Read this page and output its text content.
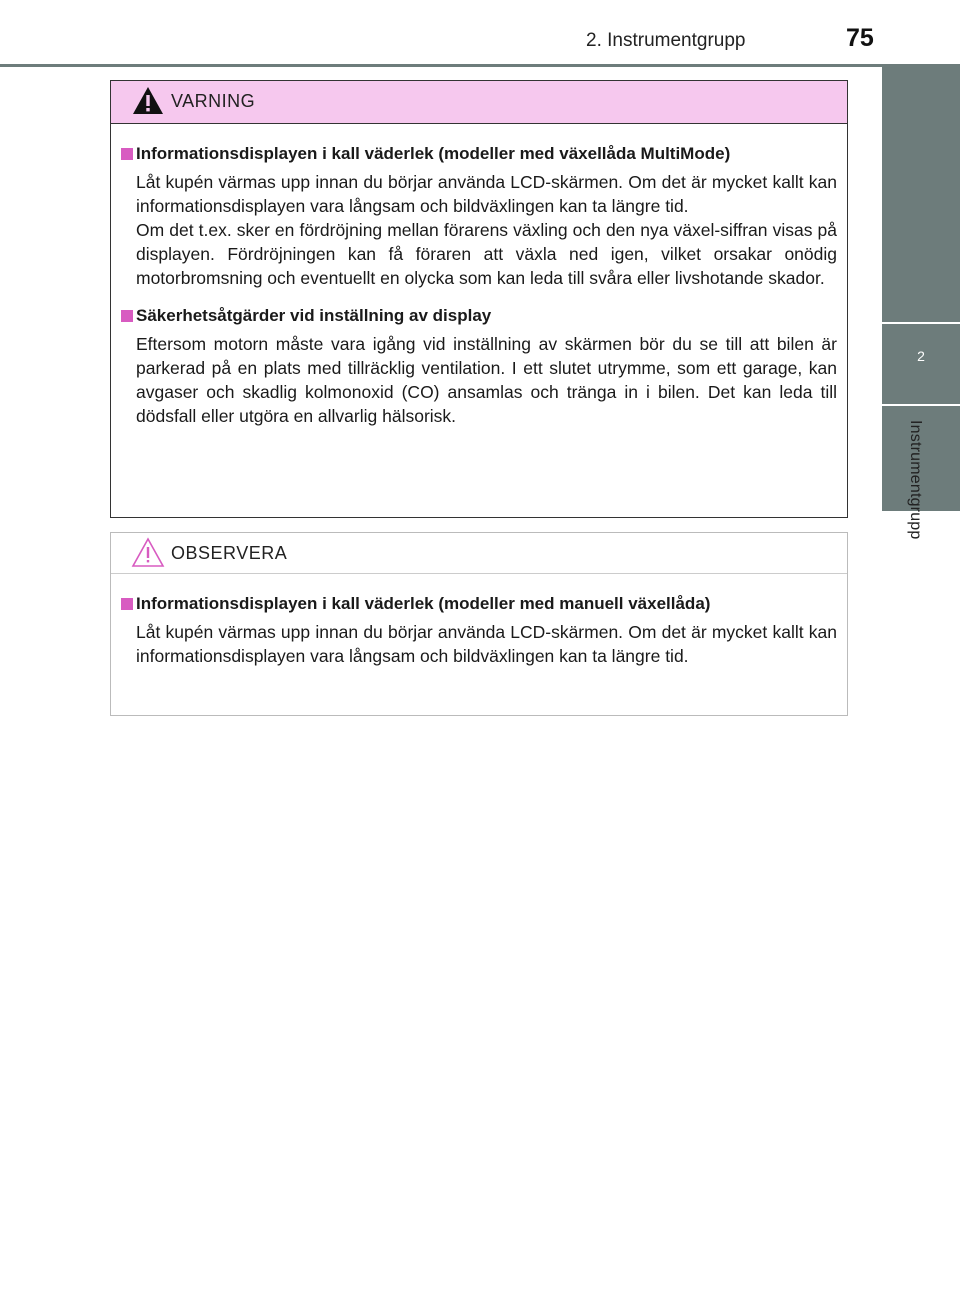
2. Instrumentgrupp	75
2
Instrumentgrupp
VARNING
Informationsdisplayen i kall väderlek (modeller med växellåda MultiMode)

Låt kupén värmas upp innan du börjar använda LCD-skärmen. Om det är mycket kallt kan informationsdisplayen vara långsam och bildväxlingen kan ta längre tid.

Om det t.ex. sker en fördröjning mellan förarens växling och den nya växel-siffran visas på displayen. Fördröjningen kan få föraren att växla ned igen, vilket orsakar onödig motorbromsning och eventuellt en olycka som kan leda till svåra eller livshotande skador.

Säkerhetsåtgärder vid inställning av display

Eftersom motorn måste vara igång vid inställning av skärmen bör du se till att bilen är parkerad på en plats med tillräcklig ventilation. I ett slutet utrymme, som ett garage, kan avgaser och skadlig kolmonoxid (CO) ansamlas och tränga in i bilen. Det kan leda till dödsfall eller utgöra en allvarlig hälsorisk.

OBSERVERA
Informationsdisplayen i kall väderlek (modeller med manuell växellåda)

Låt kupén värmas upp innan du börjar använda LCD-skärmen. Om det är mycket kallt kan informationsdisplayen vara långsam och bildväxlingen kan ta längre tid.
